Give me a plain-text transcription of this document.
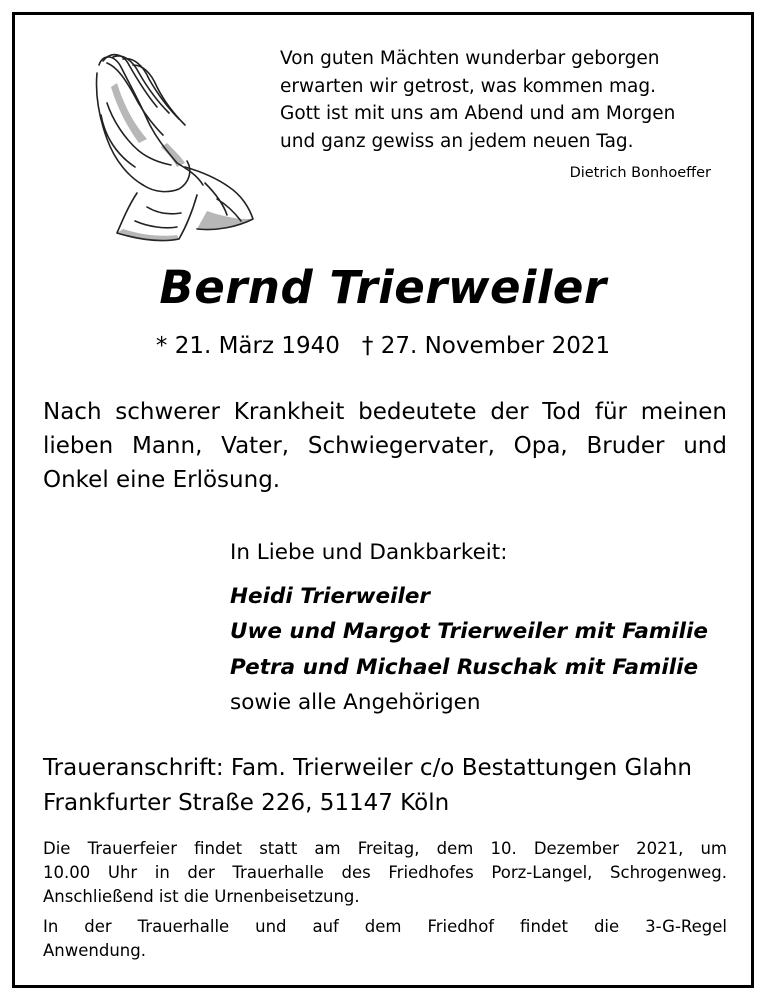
Von guten Mächten wunderbar geborgen
erwarten wir getrost, was kommen mag.
Gott ist mit uns am Abend und am Morgen
und ganz gewiss an jedem neuen Tag.
Dietrich Bonhoeffer
Bernd Trierweiler
* 21. März 1940 † 27. November 2021
Nach schwerer Krankheit bedeutete der Tod für meinen
lieben Mann, Vater, Schwiegervater, Opa, Bruder und
Onkel eine Erlösung.
In Liebe und Dankbarkeit:
Heidi Trierweiler
Uwe und Margot Trierweiler mit Familie
Petra und Michael Ruschak mit Familie
sowie alle Angehörigen
Traueranschrift: Fam. Trierweiler c/o Bestattungen Glahn
Frankfurter Straße 226, 51147 Köln
Die Trauerfeier findet statt am Freitag, dem 10. Dezember 2021, um
10.00 Uhr in der Trauerhalle des Friedhofes Porz-Langel, Schrogenweg.
Anschließend ist die Urnenbeisetzung.
In der Trauerhalle und auf dem Friedhof findet die 3-G-Regel
Anwendung.
